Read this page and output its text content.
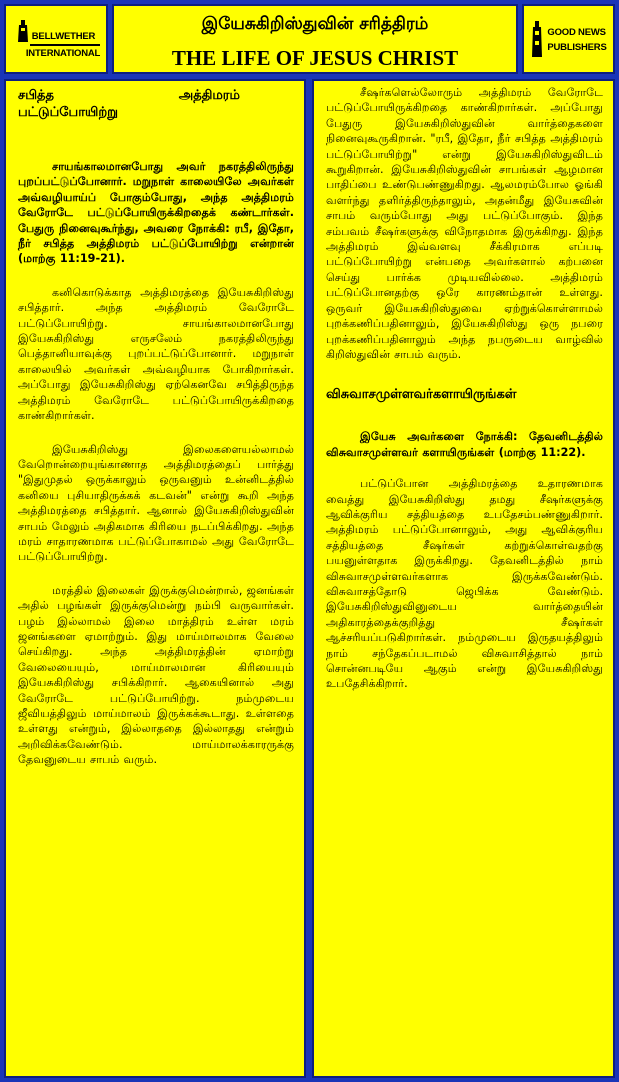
BELLWETHER
INTERNATIONAL
இயேசுகிறிஸ்துவின் சரித்திரம்
THE LIFE OF JESUS CHRIST
GOOD NEWS
PUBLISHERS
சபித்த	அத்திமரம்
பட்டுப்போயிற்று

சாயங்காலமானபோது அவர் நகரத்திலிருந்து புறப்பட்டுப்போனார். மறுநாள் காலையிலே அவர்கள் அவ்வழியாய்ப் போகும்போது, அந்த அத்திமரம் வேரோடே பட்டுப்போயிருக்கிறதைக் கண்டார்கள். பேதுரு நினைவுகூர்ந்து, அவரை நோக்கி: ரபீ, இதோ, நீர் சபித்த அத்திமரம் பட்டுப்போயிற்று என்றான் (மாற்கு 11:19-21).

கனிகொடுக்காத அத்திமரத்தை இயேசுகிறிஸ்து சபித்தார். அந்த அத்திமரம் வேரோடே பட்டுப்போயிற்று. சாயங்காலமானபோது இயேசுகிறிஸ்து எருசலேம் நகரத்திலிருந்து பெத்தானியாவுக்கு புறப்பட்டுப்போனார். மறுநாள் காலையில் அவர்கள் அவ்வழியாக போகிறார்கள். அப்போது இயேசுகிறிஸ்து ஏற்கெனவே சபித்திருந்த அத்திமரம் வேரோடே பட்டுப்போயிருக்கிறதை காண்கிறார்கள்.

இயேசுகிறிஸ்து இலைகளையல்லாமல் வேறொன்றையுங்காணாத அத்திமரத்தைப் பார்த்து "இதுமுதல் ஒருக்காலும் ஒருவனும் உன்னிடத்தில் கனியை புசியாதிருக்கக் கடவன்" என்று கூறி அந்த அத்திமரத்தை சபித்தார். ஆனால் இயேசுகிறிஸ்துவின் சாபம் மேலும் அதிகமாக கிரியை நடப்பிக்கிறது. அந்த மரம் சாதாரணமாக பட்டுப்போகாமல் அது வேரோடே பட்டுப்போயிற்று.

மரத்தில் இலைகள் இருக்குமென்றால், ஜனங்கள் அதில் பழங்கள் இருக்குமென்று நம்பி வருவார்கள். பழம் இல்லாமல் இலை மாத்திரம் உள்ள மரம் ஜனங்களை ஏமாற்றும். இது மாய்மாலமாக வேலை செய்கிறது. அந்த அத்திமரத்தின் ஏமாற்று வேலையையும், மாய்மாலமான கிரியையும் இயேசுகிறிஸ்து சபிக்கிறார். ஆகையினால் அது வேரோடே பட்டுப்போயிற்று. நம்முடைய ஜீவியத்திலும் மாய்மாலம் இருக்கக்கூடாது. உள்ளதை உள்ளது என்றும், இல்லாததை இல்லாதது என்றும் அறிவிக்கவேண்டும். மாய்மாலக்காரருக்கு தேவனுடைய சாபம் வரும்.

சீஷர்களெல்லோரும் அத்திமரம் வேரோடே பட்டுப்போயிருக்கிறதை காண்கிறார்கள். அப்போது பேதுரு இயேசுகிறிஸ்துவின் வார்த்தைகளை நினைவுகூருகிறான். "ரபீ, இதோ, நீர் சபித்த அத்திமரம் பட்டுப்போயிற்று" என்று இயேசுகிறிஸ்துவிடம் கூறுகிறான். இயேசுகிறிஸ்துவின் சாபங்கள் ஆழமான பாதிப்பை உண்டுபண்ணுகிறது. ஆலமரம்போல ஓங்கி வளர்ந்து தளிர்த்திருந்தாலும், அதன்மீது இயேசுவின் சாபம் வரும்போது அது பட்டுப்போகும். இந்த சம்பவம் சீஷர்களுக்கு விநோதமாக இருக்கிறது. இந்த அத்திமரம் இவ்வளவு சீக்கிரமாக எப்படி பட்டுப்போயிற்று என்பதை அவர்களால் கற்பனை செய்து பார்க்க முடியவில்லை. அத்திமரம் பட்டுப்போனதற்கு ஒரே காரணம்தான் உள்ளது. ஒருவர் இயேசுகிறிஸ்துவை ஏற்றுக்கொள்ளாமல் புறக்கணிப்பதினாலும், இயேசுகிறிஸ்து ஒரு நபரை புறக்கணிப்பதினாலும் அந்த நபருடைய வாழ்வில் கிறிஸ்துவின் சாபம் வரும்.

விசுவாசமுள்ளவர்களாயிருங்கள்

இயேசு அவர்களை நோக்கி: தேவனிடத்தில் விசுவாசமுள்ளவர் களாயிருங்கள் (மாற்கு 11:22).

பட்டுப்போன அத்திமரத்தை உதாரணமாக வைத்து இயேசுகிறிஸ்து தமது சீஷர்களுக்கு ஆவிக்குரிய சத்தியத்தை உபதேசம்பண்ணுகிறார். அத்திமரம் பட்டுப்போனாலும், அது ஆவிக்குரிய சத்தியத்தை சீஷர்கள் கற்றுக்கொள்வதற்கு பயனுள்ளதாக இருக்கிறது. தேவனிடத்தில் நாம் விசுவாசமுள்ளவர்களாக இருக்கவேண்டும். விசுவாசத்தோடு ஜெபிக்க வேண்டும். இயேசுகிறிஸ்துவினுடைய வார்த்தையின் அதிகாரத்தைக்குறித்து சீஷர்கள் ஆச்சரியப்படுகிறார்கள். நம்முடைய இருதயத்திலும் நாம் சந்தேகப்படாமல் விசுவாசித்தால் நாம் சொன்னபடியே ஆகும் என்று இயேசுகிறிஸ்து உபதேசிக்கிறார்.
